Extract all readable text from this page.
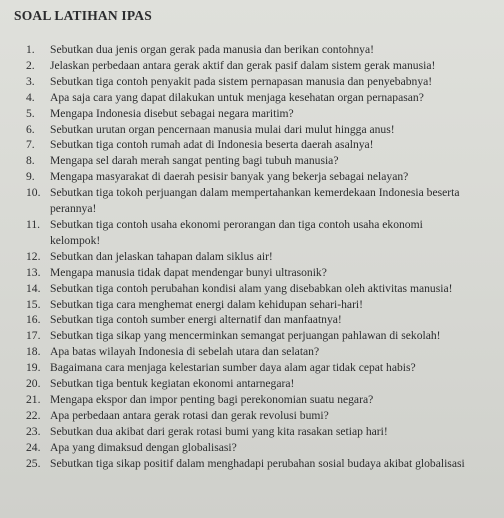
SOAL LATIHAN IPAS
1.	Sebutkan dua jenis organ gerak pada manusia dan berikan contohnya!
2.	Jelaskan perbedaan antara gerak aktif dan gerak pasif dalam sistem gerak manusia!
3.	Sebutkan tiga contoh penyakit pada sistem pernapasan manusia dan penyebabnya!
4.	Apa saja cara yang dapat dilakukan untuk menjaga kesehatan organ pernapasan?
5.	Mengapa Indonesia disebut sebagai negara maritim?
6.	Sebutkan urutan organ pencernaan manusia mulai dari mulut hingga anus!
7.	Sebutkan tiga contoh rumah adat di Indonesia beserta daerah asalnya!
8.	Mengapa sel darah merah sangat penting bagi tubuh manusia?
9.	Mengapa masyarakat di daerah pesisir banyak yang bekerja sebagai nelayan?
10. Sebutkan tiga tokoh perjuangan dalam mempertahankan kemerdekaan Indonesia beserta
perannya!
11. Sebutkan tiga contoh usaha ekonomi perorangan dan tiga contoh usaha ekonomi
kelompok!
12. Sebutkan dan jelaskan tahapan dalam siklus air!
13. Mengapa manusia tidak dapat mendengar bunyi ultrasonik?
14. Sebutkan tiga contoh perubahan kondisi alam yang disebabkan oleh aktivitas manusia!
15. Sebutkan tiga cara menghemat energi dalam kehidupan sehari-hari!
16. Sebutkan tiga contoh sumber energi alternatif dan manfaatnya!
17. Sebutkan tiga sikap yang mencerminkan semangat perjuangan pahlawan di sekolah!
18. Apa batas wilayah Indonesia di sebelah utara dan selatan?
19. Bagaimana cara menjaga kelestarian sumber daya alam agar tidak cepat habis?
20. Sebutkan tiga bentuk kegiatan ekonomi antarnegara!
21. Mengapa ekspor dan impor penting bagi perekonomian suatu negara?
22. Apa perbedaan antara gerak rotasi dan gerak revolusi bumi?
23. Sebutkan dua akibat dari gerak rotasi bumi yang kita rasakan setiap hari!
24. Apa yang dimaksud dengan globalisasi?
25. Sebutkan tiga sikap positif dalam menghadapi perubahan sosial budaya akibat globalisasi
